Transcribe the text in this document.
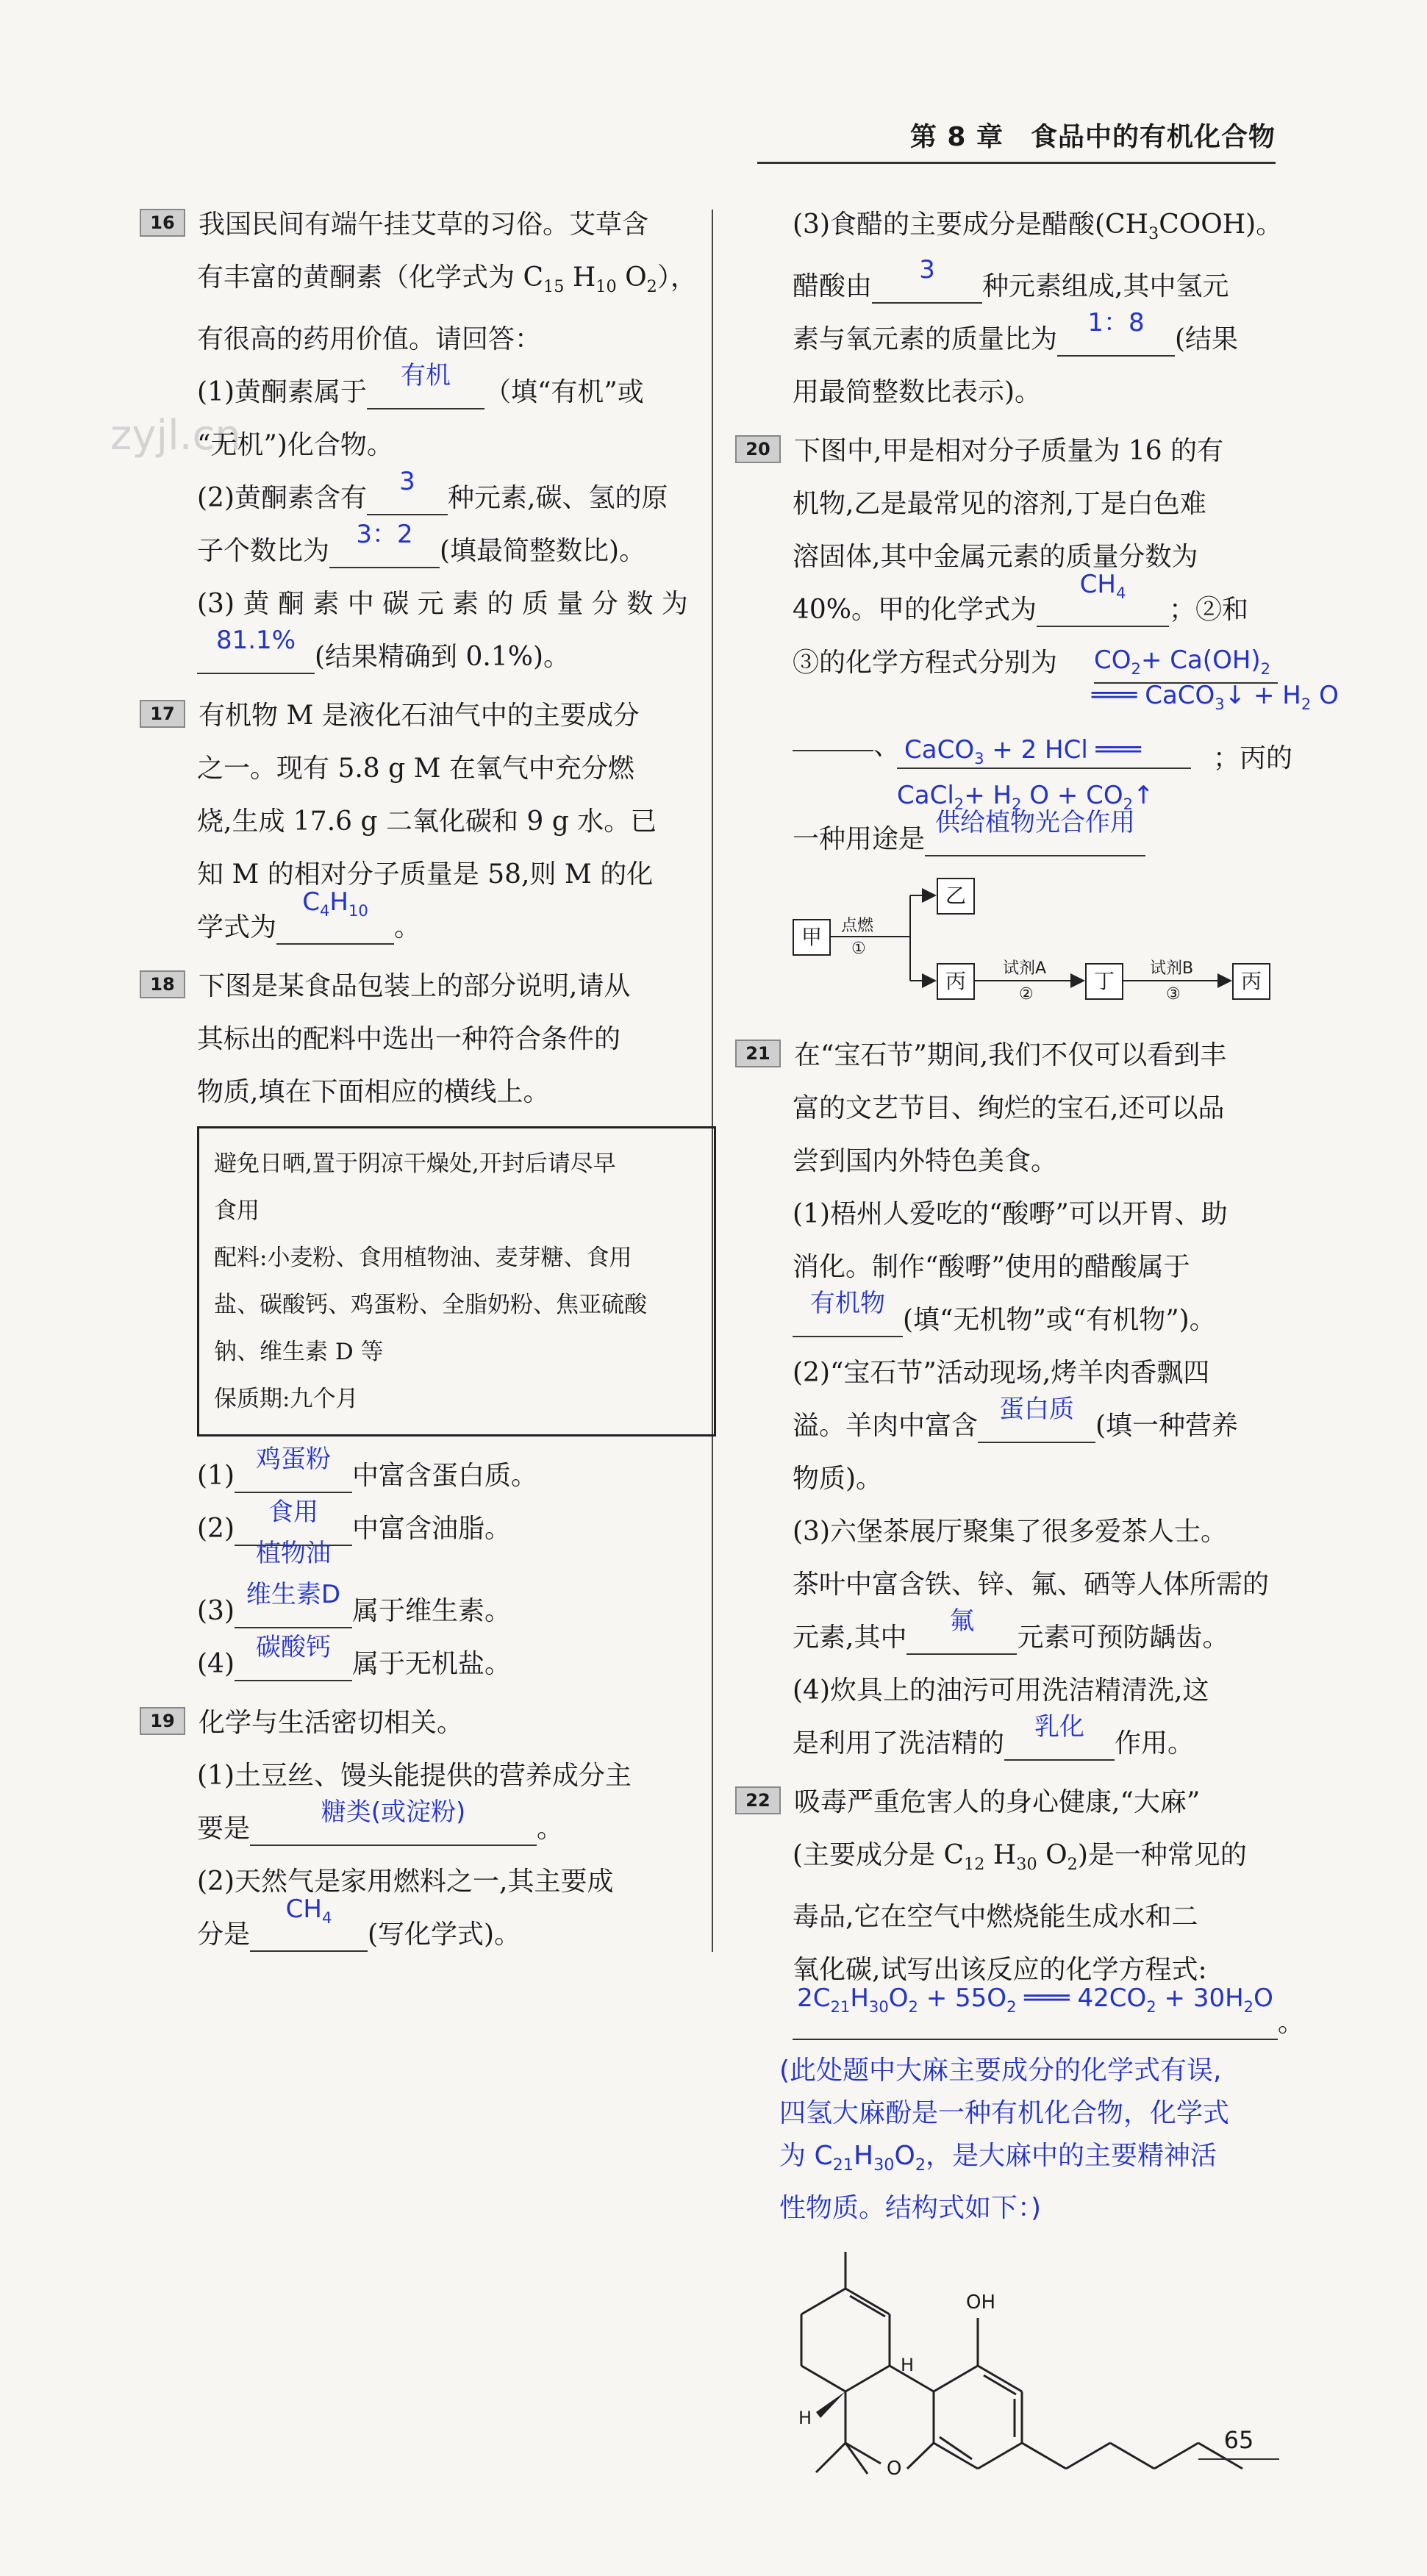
第 8 章　食品中的有机化合物
zyjl.cn
16 我国民间有端午挂艾草的习俗。艾草含
有丰富的黄酮素（化学式为 $C_{15}$ $H_{10}$ $O_2$），
有很高的药用价值。请回答：
(1)黄酮素属于
有机
（填“有机”或
“无机”)化合物。
(2)黄酮素含有
3
种元素,碳、氢的原
子个数比为
3：2
(填最简整数比)。
(3) 黄 酮 素 中 碳 元 素 的 质 量 分 数 为
81.1%
(结果精确到 0.1%)。
17 有机物 M 是液化石油气中的主要成分
之一。现有 5.8 g M 在氧气中充分燃
烧,生成 17.6 g 二氧化碳和 9 g 水。已
知 M 的相对分子质量是 58,则 M 的化
学式为
$C_4H_{10}$
。
18 下图是某食品包装上的部分说明,请从
其标出的配料中选出一种符合条件的
物质,填在下面相应的横线上。

避免日晒,置于阴凉干燥处,开封后请尽早

食用

配料:小麦粉、食用植物油、麦芽糖、食用

盐、碳酸钙、鸡蛋粉、全脂奶粉、焦亚硫酸

钠、维生素 D 等

保质期:九个月

(1)
鸡蛋粉
中富含蛋白质。
(2)
食用
植物油
中富含油脂。
(3)
维生素D
属于维生素。
(4)
碳酸钙
属于无机盐。
19 化学与生活密切相关。
(1)土豆丝、馒头能提供的营养成分主
要是
糖类(或淀粉)
。
(2)天然气是家用燃料之一,其主要成
分是
$CH_4$
(写化学式)。
(3)食醋的主要成分是醋酸$(CH_3COOH)$。
醋酸由
3
种元素组成,其中氢元
素与氧元素的质量比为
1：8
(结果
用最简整数比表示)。
20 下图中,甲是相对分子质量为 16 的有
机物,乙是最常见的溶剂,丁是白色难
溶固体,其中金属元素的质量分数为
40%。甲的化学式为
$CH_4$
；②和
③的化学方程式分别为 $CO_2+ Ca(OH)_2$
═══ CaCO$_3$↓ + $H_2$ O
、 CaCO$_3$ + 2 HCl ═══
CaCl$_2$+ $H_2$ $O + CO_2↑$
；丙的
一种用途是
供给植物光合作用
甲
乙
丙	丁	丙
点燃
①
试剂A
②
试剂B
③
21 在“宝石节”期间,我们不仅可以看到丰
富的文艺节目、绚烂的宝石,还可以品
尝到国内外特色美食。
(1)梧州人爱吃的“酸嘢”可以开胃、助
消化。制作“酸嘢”使用的醋酸属于
有机物
(填“无机物”或“有机物”)。
(2)“宝石节”活动现场,烤羊肉香飘四
溢。羊肉中富含
蛋白质
(填一种营养
物质)。
(3)六堡茶展厅聚集了很多爱茶人士。
茶叶中富含铁、锌、氟、硒等人体所需的
元素,其中
氟
元素可预防龋齿。
(4)炊具上的油污可用洗洁精清洗,这
是利用了洗洁精的
乳化
作用。
22 吸毒严重危害人的身心健康,“大麻”
(主要成分是 $C_{12}$ $H_{30}$ $O_2$)是一种常见的
毒品,它在空气中燃烧能生成水和二
氧化碳,试写出该反应的化学方程式:
$2C_{21}H_{30}O_2 + 55O_2$ ═══ $42CO_2 + 30H_2O$
。
(此处题中大麻主要成分的化学式有误,
四氢大麻酚是一种有机化合物，化学式
为 $C_{21}H_{30}O_2$，是大麻中的主要精神活
性物质。结构式如下：)
OH
H
H
O
65
